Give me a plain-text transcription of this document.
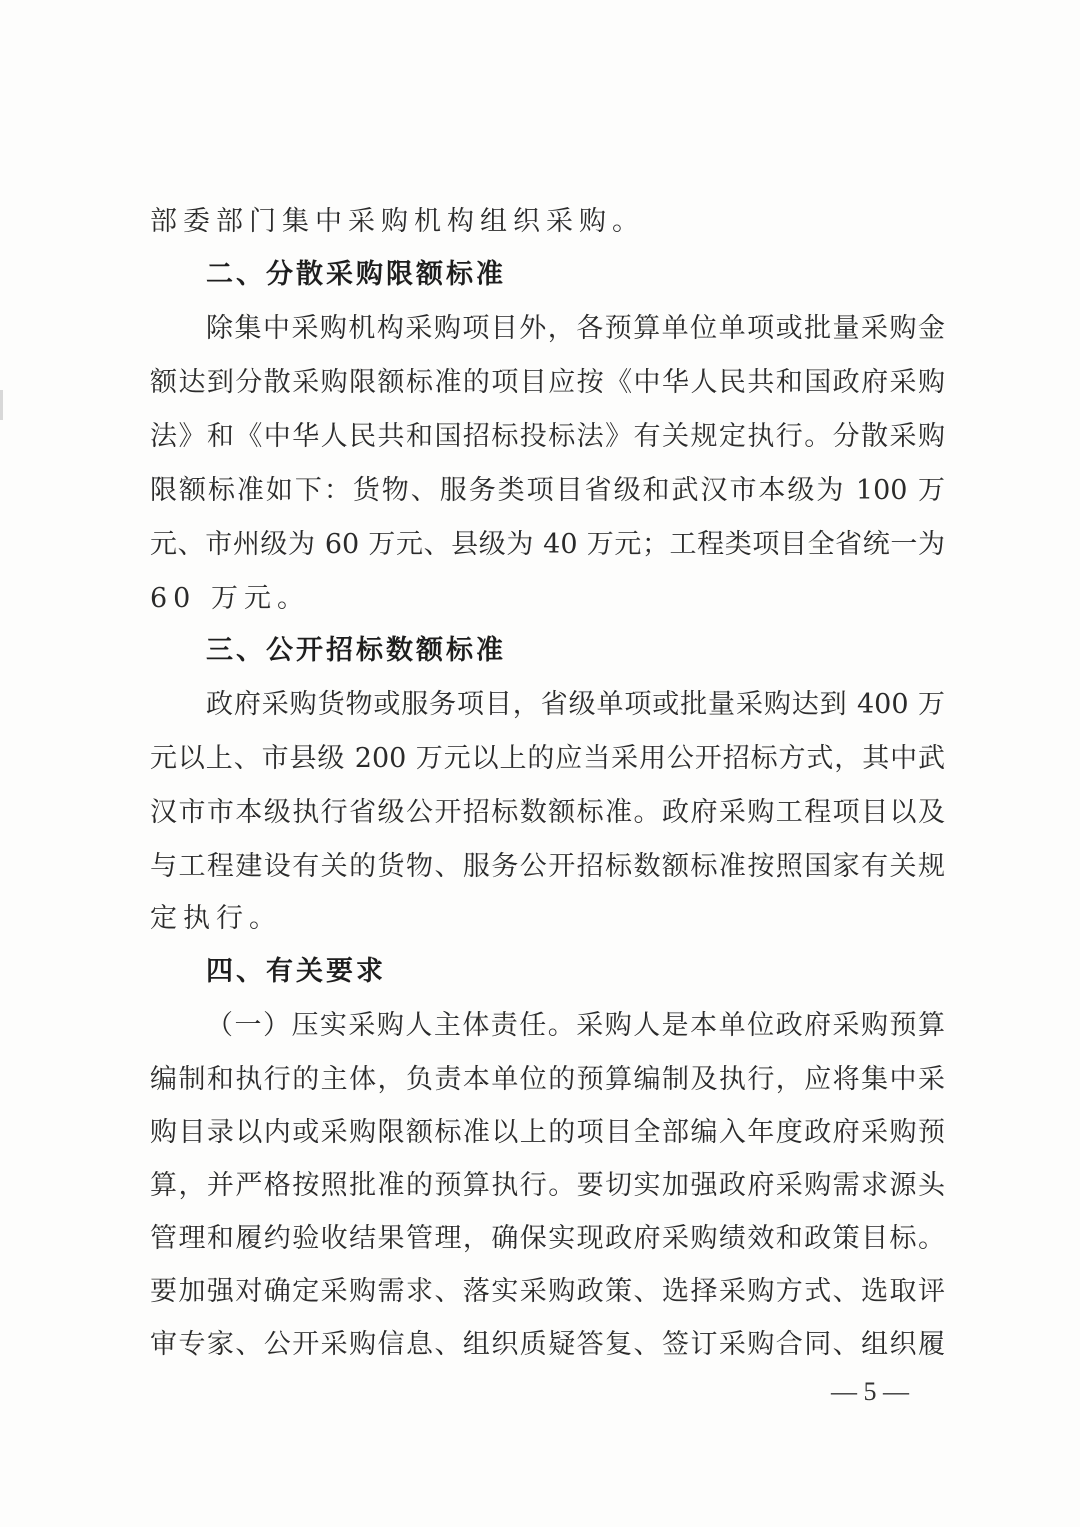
部委部门集中采购机构组织采购。
二、分散采购限额标准
除集中采购机构采购项目外，各预算单位单项或批量采购金
额达到分散采购限额标准的项目应按《中华人民共和国政府采购
法》和《中华人民共和国招标投标法》有关规定执行。分散采购
限额标准如下：货物、服务类项目省级和武汉市本级为 100 万
元、市州级为 60 万元、县级为 40 万元；工程类项目全省统一为
60 万元。
三、公开招标数额标准
政府采购货物或服务项目，省级单项或批量采购达到 400 万
元以上、市县级 200 万元以上的应当采用公开招标方式，其中武
汉市市本级执行省级公开招标数额标准。政府采购工程项目以及
与工程建设有关的货物、服务公开招标数额标准按照国家有关规
定执行。
四、有关要求
（一）压实采购人主体责任。采购人是本单位政府采购预算
编制和执行的主体，负责本单位的预算编制及执行，应将集中采
购目录以内或采购限额标准以上的项目全部编入年度政府采购预
算，并严格按照批准的预算执行。要切实加强政府采购需求源头
管理和履约验收结果管理，确保实现政府采购绩效和政策目标。
要加强对确定采购需求、落实采购政策、选择采购方式、选取评
审专家、公开采购信息、组织质疑答复、签订采购合同、组织履
— 5 —
